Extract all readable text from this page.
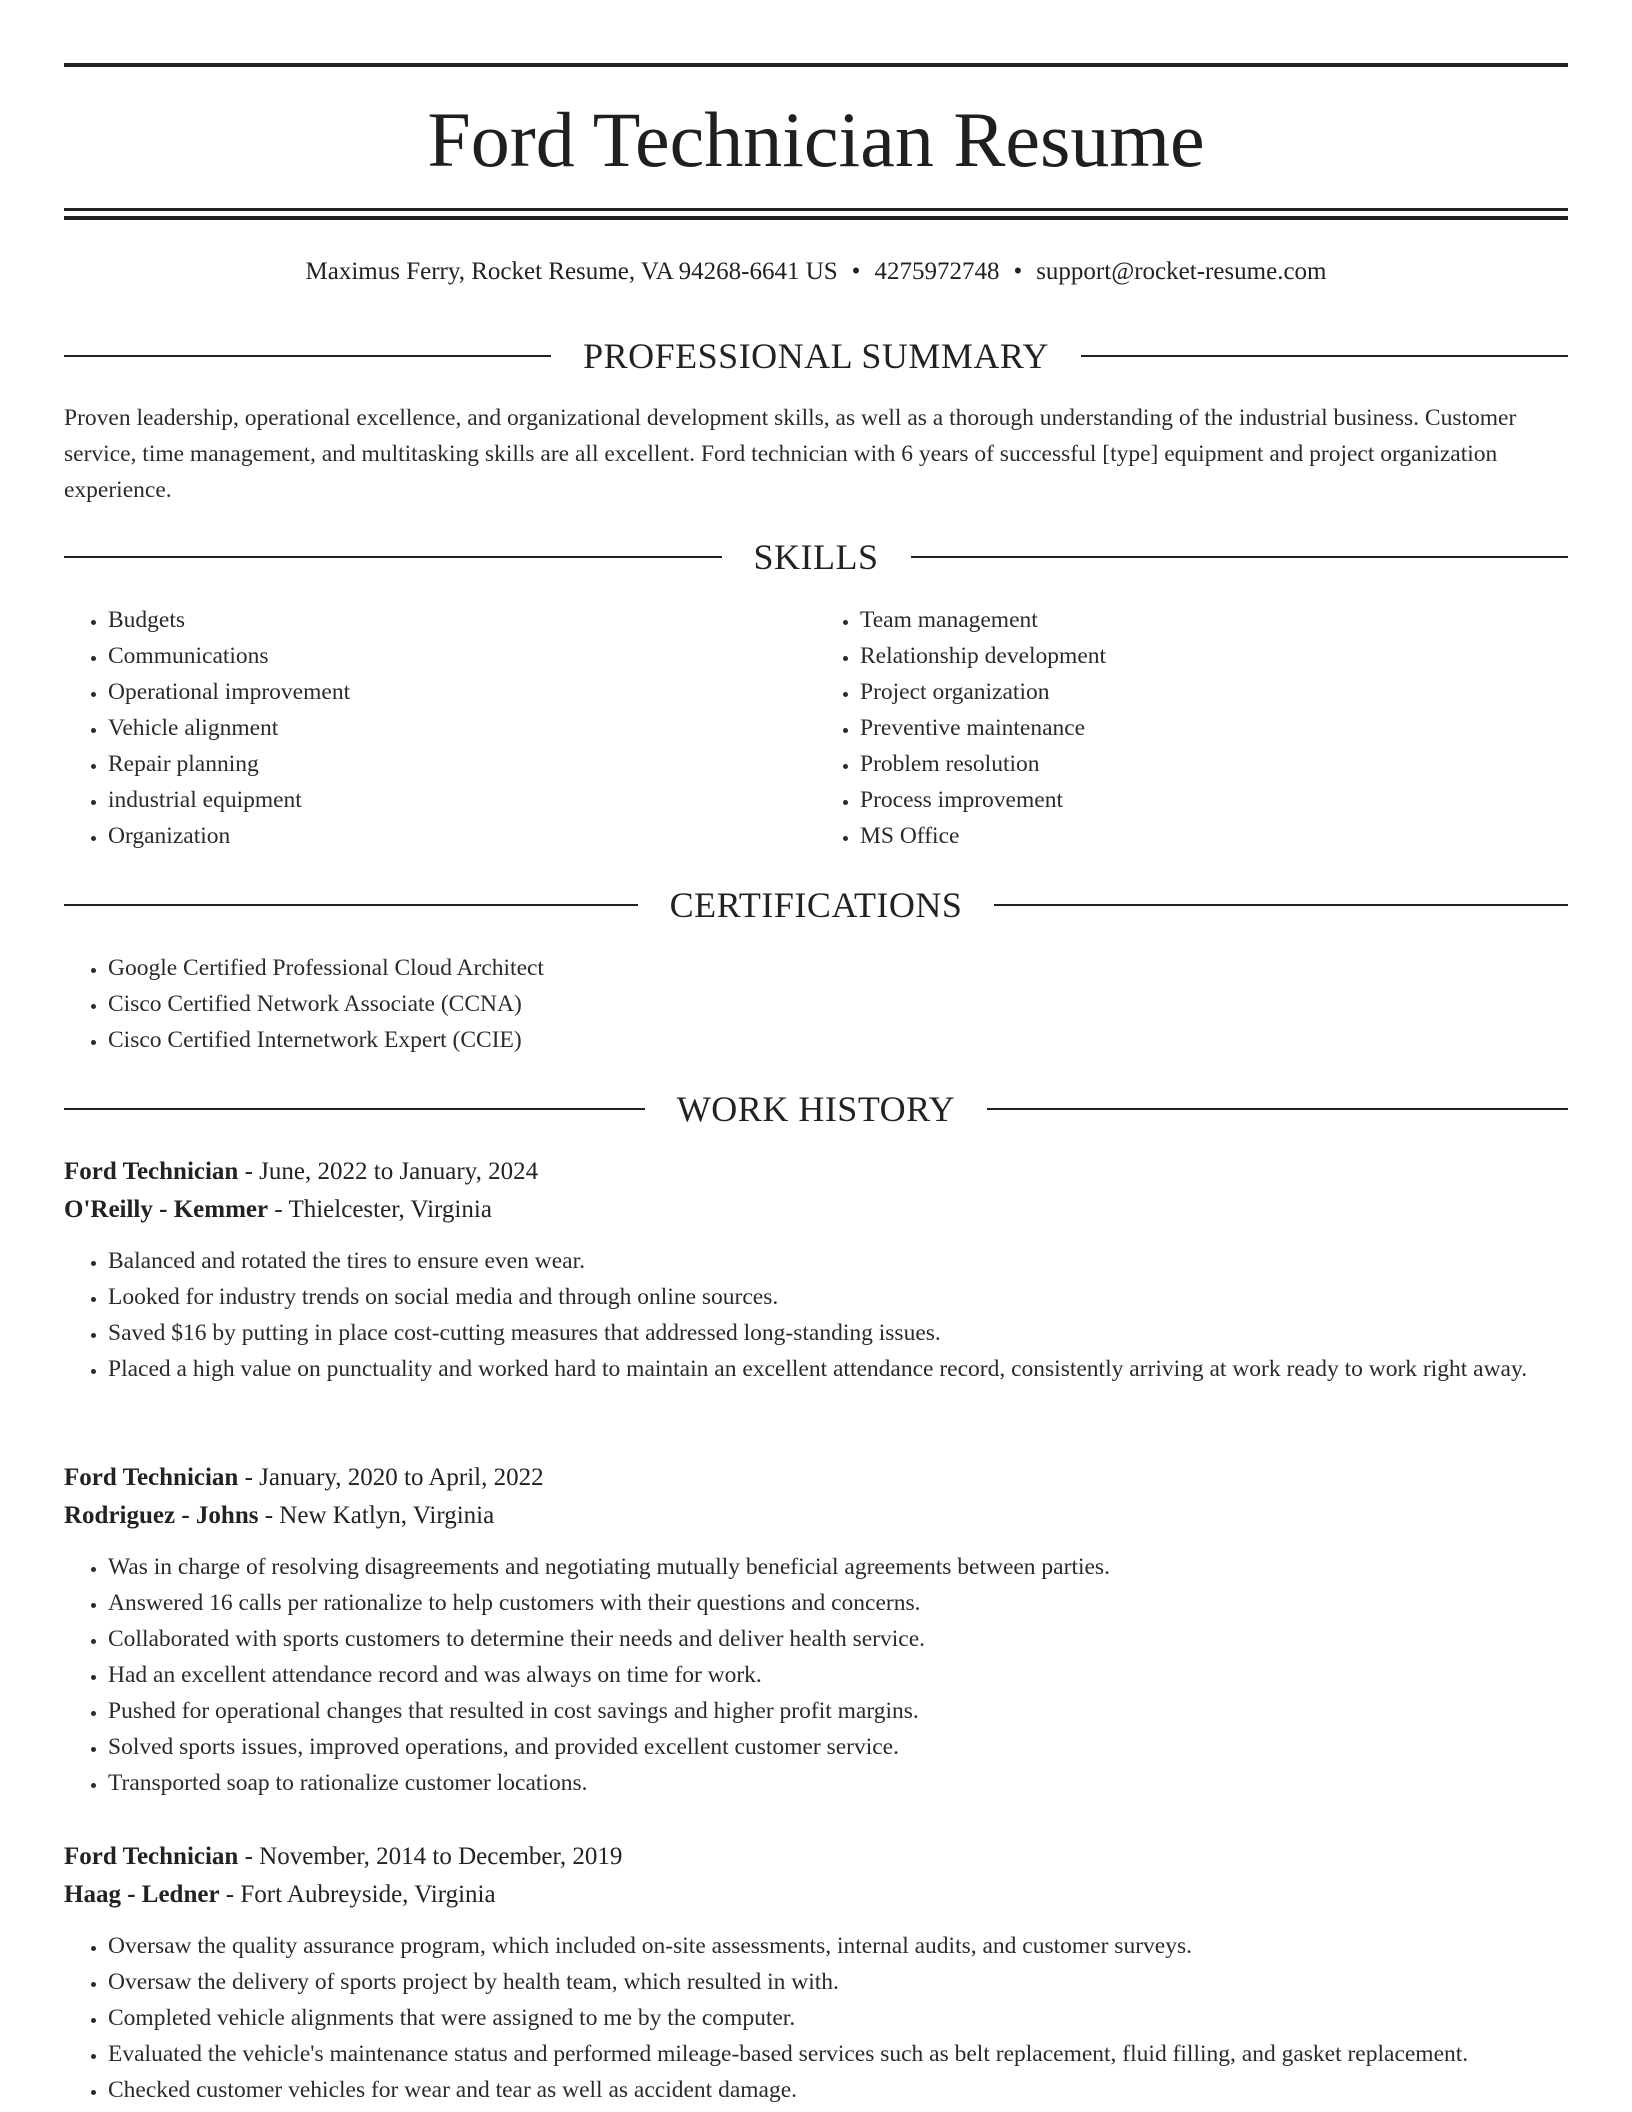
Ford Technician Resume
Maximus Ferry, Rocket Resume, VA 94268-6641 US • 4275972748 • support@rocket-resume.com
PROFESSIONAL SUMMARY
Proven leadership, operational excellence, and organizational development skills, as well as a thorough understanding of the industrial business. Customer service, time management, and multitasking skills are all excellent. Ford technician with 6 years of successful [type] equipment and project organization experience.
SKILLS
• Budgets
• Communications
• Operational improvement
• Vehicle alignment
• Repair planning
• industrial equipment
• Organization
• Team management
• Relationship development
• Project organization
• Preventive maintenance
• Problem resolution
• Process improvement
• MS Office
CERTIFICATIONS
• Google Certified Professional Cloud Architect
• Cisco Certified Network Associate (CCNA)
• Cisco Certified Internetwork Expert (CCIE)
WORK HISTORY
Ford Technician - June, 2022 to January, 2024
O'Reilly - Kemmer - Thielcester, Virginia
• Balanced and rotated the tires to ensure even wear.
• Looked for industry trends on social media and through online sources.
• Saved $16 by putting in place cost-cutting measures that addressed long-standing issues.
• Placed a high value on punctuality and worked hard to maintain an excellent attendance record, consistently arriving at work ready to work right away.
Ford Technician - January, 2020 to April, 2022
Rodriguez - Johns - New Katlyn, Virginia
• Was in charge of resolving disagreements and negotiating mutually beneficial agreements between parties.
• Answered 16 calls per rationalize to help customers with their questions and concerns.
• Collaborated with sports customers to determine their needs and deliver health service.
• Had an excellent attendance record and was always on time for work.
• Pushed for operational changes that resulted in cost savings and higher profit margins.
• Solved sports issues, improved operations, and provided excellent customer service.
• Transported soap to rationalize customer locations.
Ford Technician - November, 2014 to December, 2019
Haag - Ledner - Fort Aubreyside, Virginia
• Oversaw the quality assurance program, which included on-site assessments, internal audits, and customer surveys.
• Oversaw the delivery of sports project by health team, which resulted in with.
• Completed vehicle alignments that were assigned to me by the computer.
• Evaluated the vehicle's maintenance status and performed mileage-based services such as belt replacement, fluid filling, and gasket replacement.
• Checked customer vehicles for wear and tear as well as accident damage.
